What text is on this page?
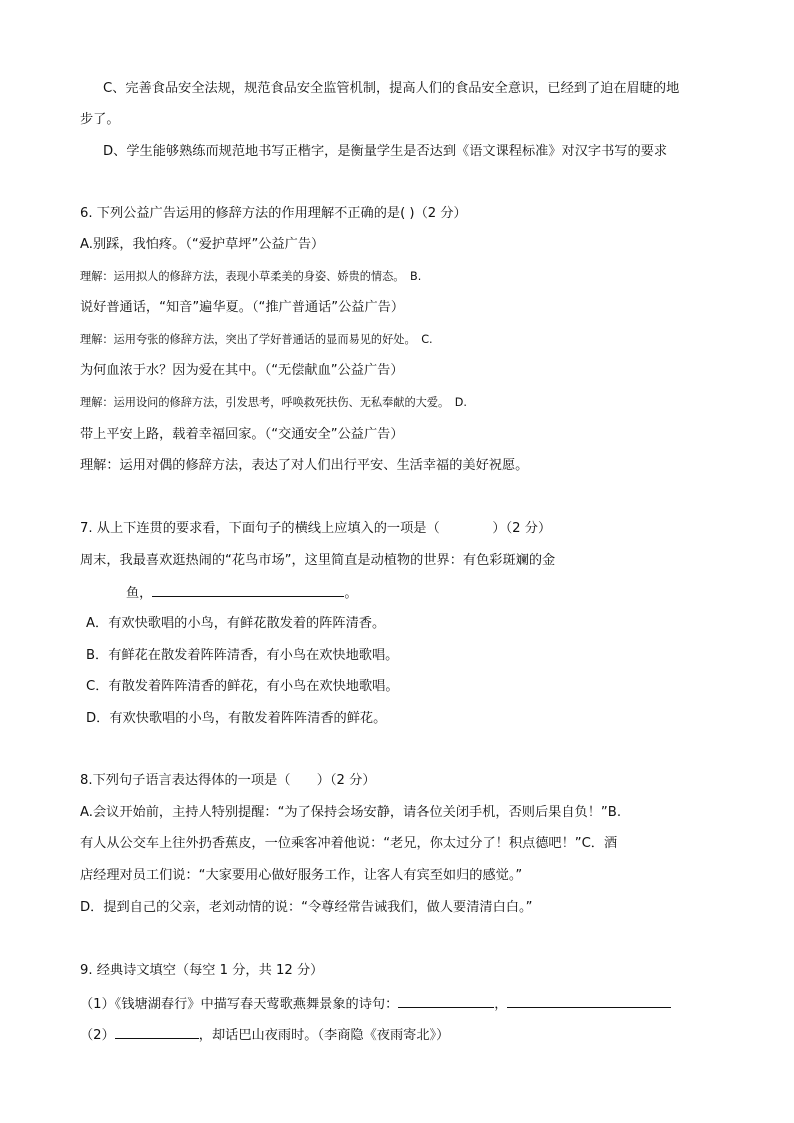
C、完善食品安全法规，规范食品安全监管机制，提高人们的食品安全意识，已经到了迫在眉睫的地
步了。
D、学生能够熟练而规范地书写正楷字，是衡量学生是否达到《语文课程标准》对汉字书写的要求
6. 下列公益广告运用的修辞方法的作用理解不正确的是( )（2 分）
A.别踩，我怕疼。（“爱护草坪”公益广告）
理解：运用拟人的修辞方法，表现小草柔美的身姿、娇贵的情态。　B.
说好普通话，“知音”遍华夏。（“推广普通话”公益广告）
理解：运用夸张的修辞方法，突出了学好普通话的显而易见的好处。　C.
为何血浓于水？因为爱在其中。（“无偿献血”公益广告）
理解：运用设问的修辞方法，引发思考，呼唤救死扶伤、无私奉献的大爱。　D.
带上平安上路，载着幸福回家。（“交通安全”公益广告）
理解：运用对偶的修辞方法，表达了对人们出行平安、生活幸福的美好祝愿。
7. 从上下连贯的要求看，下面句子的横线上应填入的一项是（　　　　）（2 分）
周末，我最喜欢逛热闹的“花鸟市场”，这里简直是动植物的世界：有色彩斑斓的金
鱼，	。
A．有欢快歌唱的小鸟，有鲜花散发着的阵阵清香。
B．有鲜花在散发着阵阵清香，有小鸟在欢快地歌唱。
C．有散发着阵阵清香的鲜花，有小鸟在欢快地歌唱。
D．有欢快歌唱的小鸟，有散发着阵阵清香的鲜花。
8.下列句子语言表达得体的一项是（　　）（2 分）
A.会议开始前，主持人特别提醒：“为了保持会场安静，请各位关闭手机，否则后果自负！”B.
有人从公交车上往外扔香蕉皮，一位乘客冲着他说：“老兄，你太过分了！积点德吧！”C．酒
店经理对员工们说：“大家要用心做好服务工作，让客人有宾至如归的感觉。”
D．提到自己的父亲，老刘动情的说：“令尊经常告诫我们，做人要清清白白。”
9. 经典诗文填空（每空 1 分，共 12 分）
（1）《钱塘湖春行》中描写春天莺歌燕舞景象的诗句：	，
（2）	，却话巴山夜雨时。（李商隐《夜雨寄北》）
